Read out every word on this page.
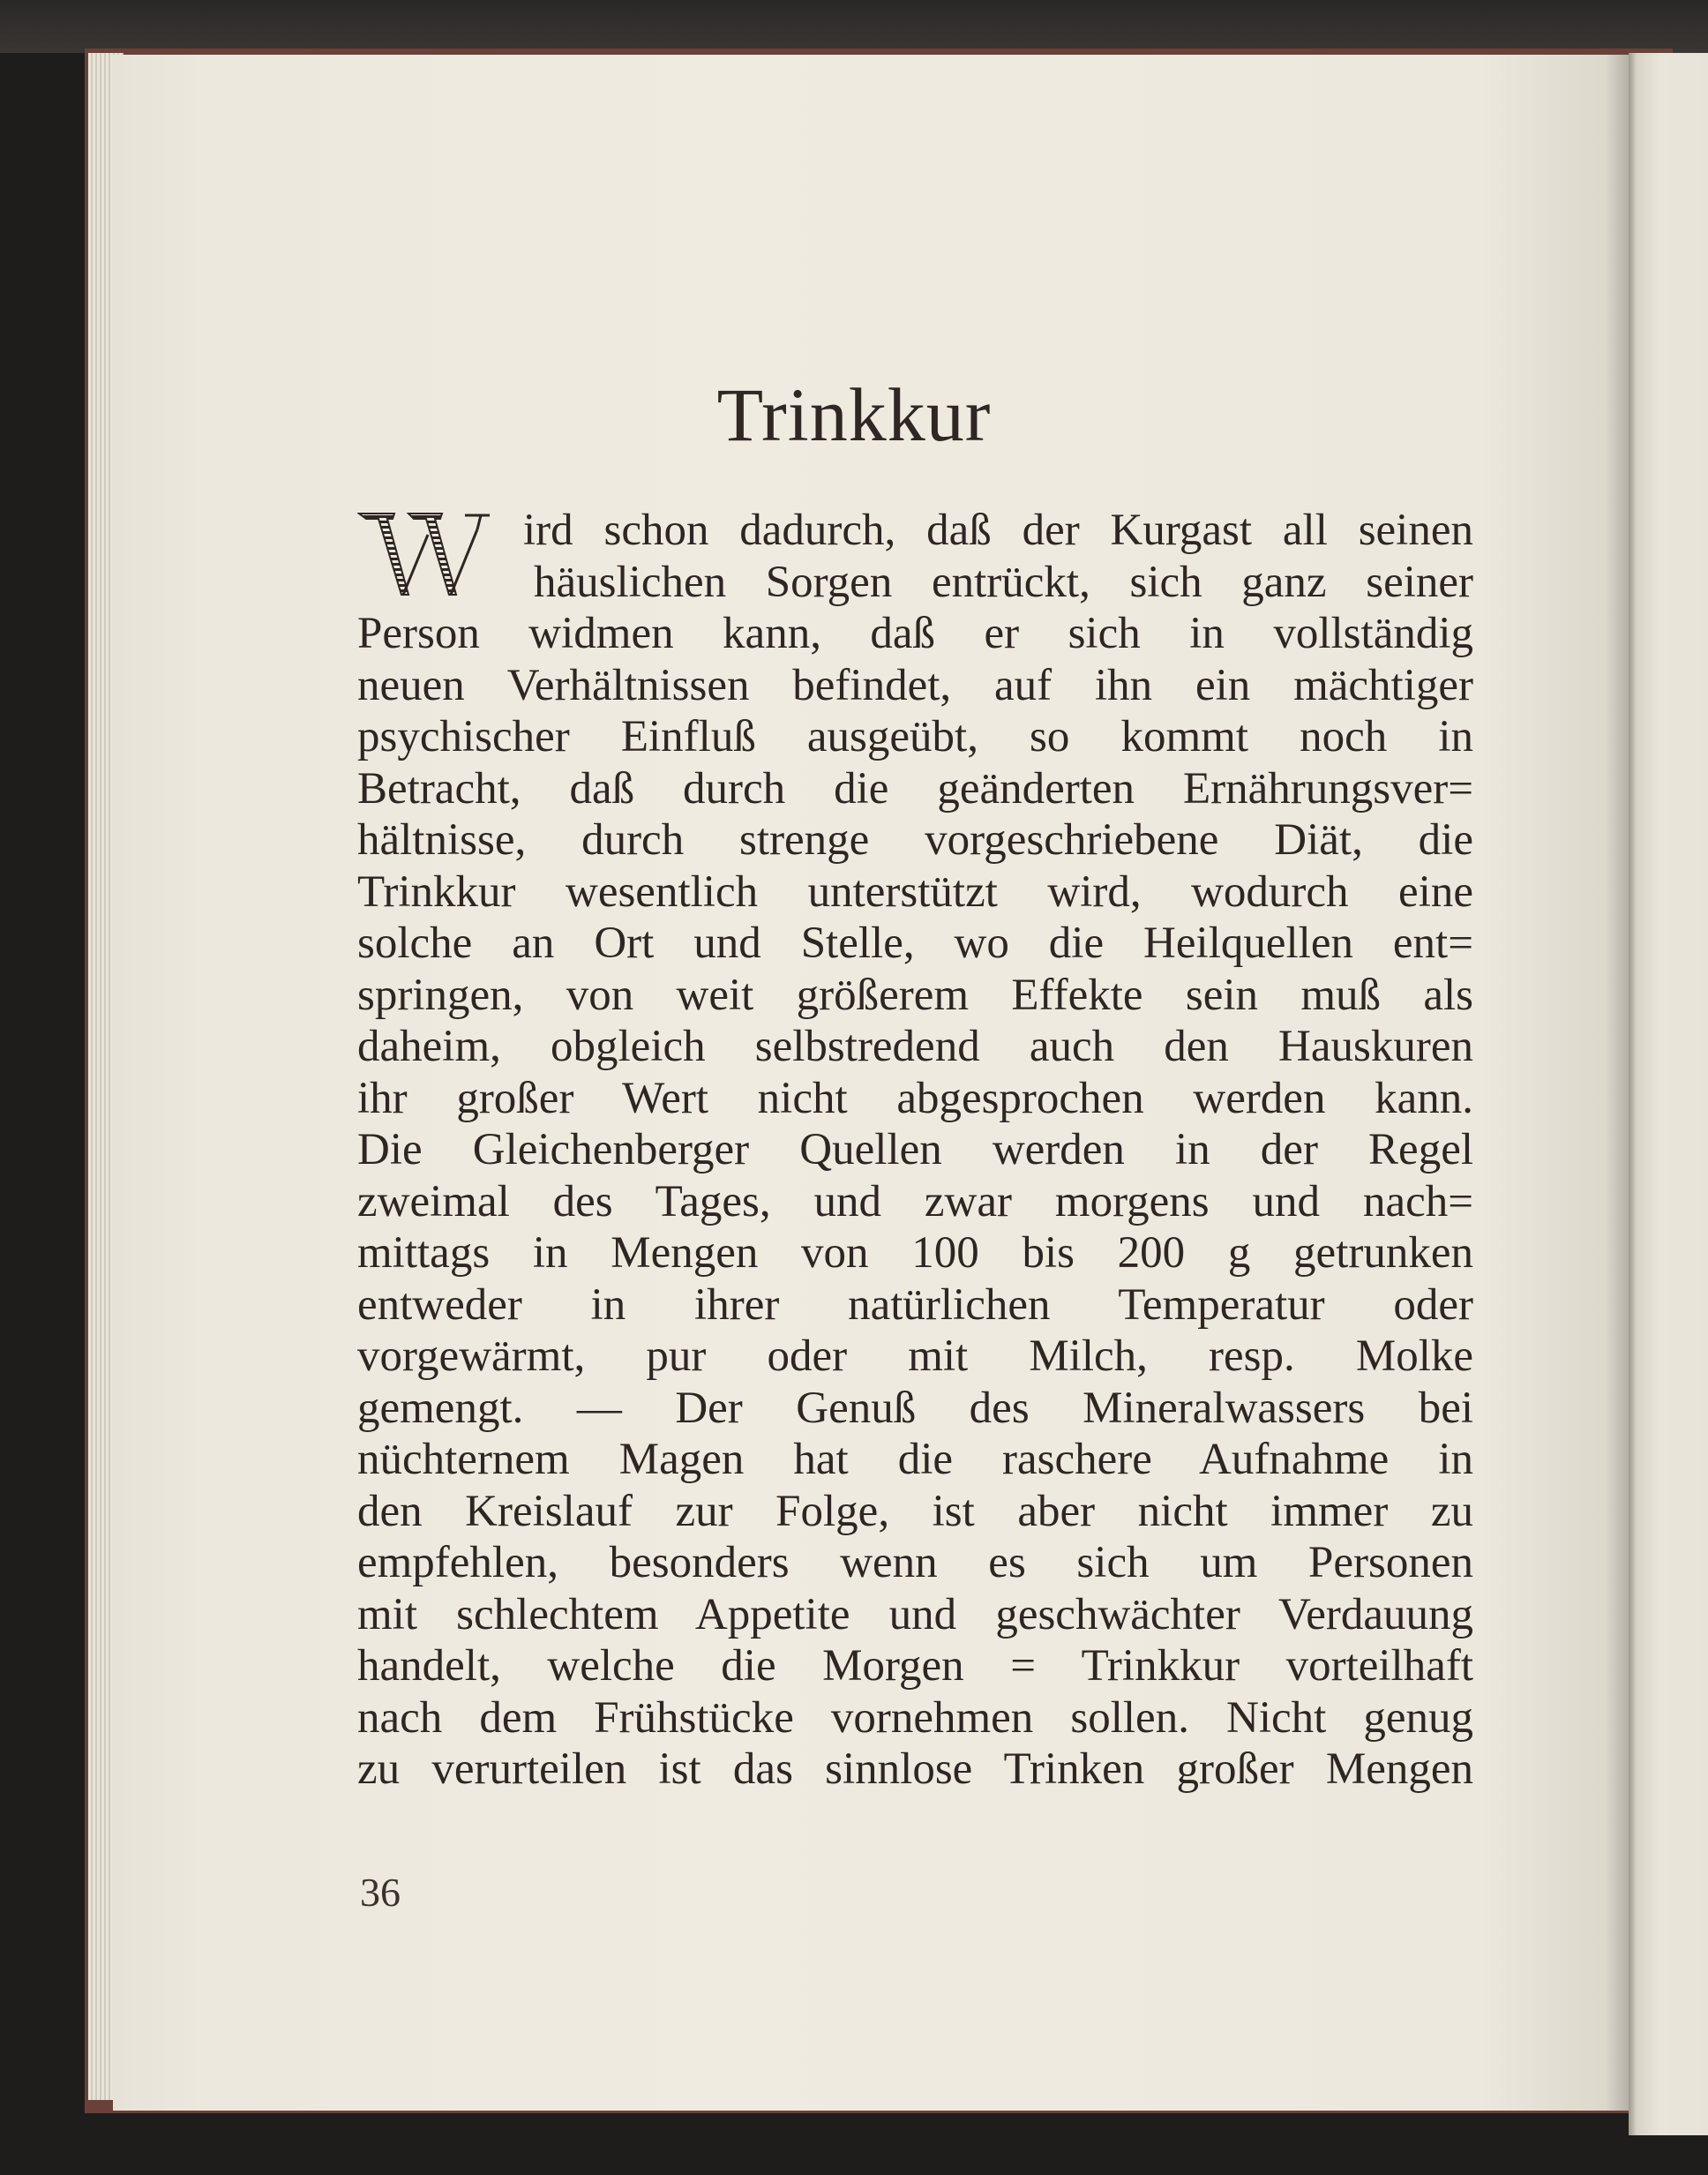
Trinkkur
W	ird schon dadurch, daß der Kurgast all seinen
häuslichen Sorgen entrückt, sich ganz seiner
Person widmen kann, daß er sich in vollständig
neuen Verhältnissen befindet, auf ihn ein mächtiger
psychischer Einfluß ausgeübt, so kommt noch in
Betracht, daß durch die geänderten Ernährungsver=
hältnisse, durch strenge vorgeschriebene Diät, die
Trinkkur wesentlich unterstützt wird, wodurch eine
solche an Ort und Stelle, wo die Heilquellen ent=
springen, von weit größerem Effekte sein muß als
daheim, obgleich selbstredend auch den Hauskuren
ihr großer Wert nicht abgesprochen werden kann.
Die Gleichenberger Quellen werden in der Regel
zweimal des Tages, und zwar morgens und nach=
mittags in Mengen von 100 bis 200 g getrunken
entweder in ihrer natürlichen Temperatur oder
vorgewärmt, pur oder mit Milch, resp. Molke
gemengt. — Der Genuß des Mineralwassers bei
nüchternem Magen hat die raschere Aufnahme in
den Kreislauf zur Folge, ist aber nicht immer zu
empfehlen, besonders wenn es sich um Personen
mit schlechtem Appetite und geschwächter Verdauung
handelt, welche die Morgen = Trinkkur vorteilhaft
nach dem Frühstücke vornehmen sollen. Nicht genug
zu verurteilen ist das sinnlose Trinken großer Mengen
36
